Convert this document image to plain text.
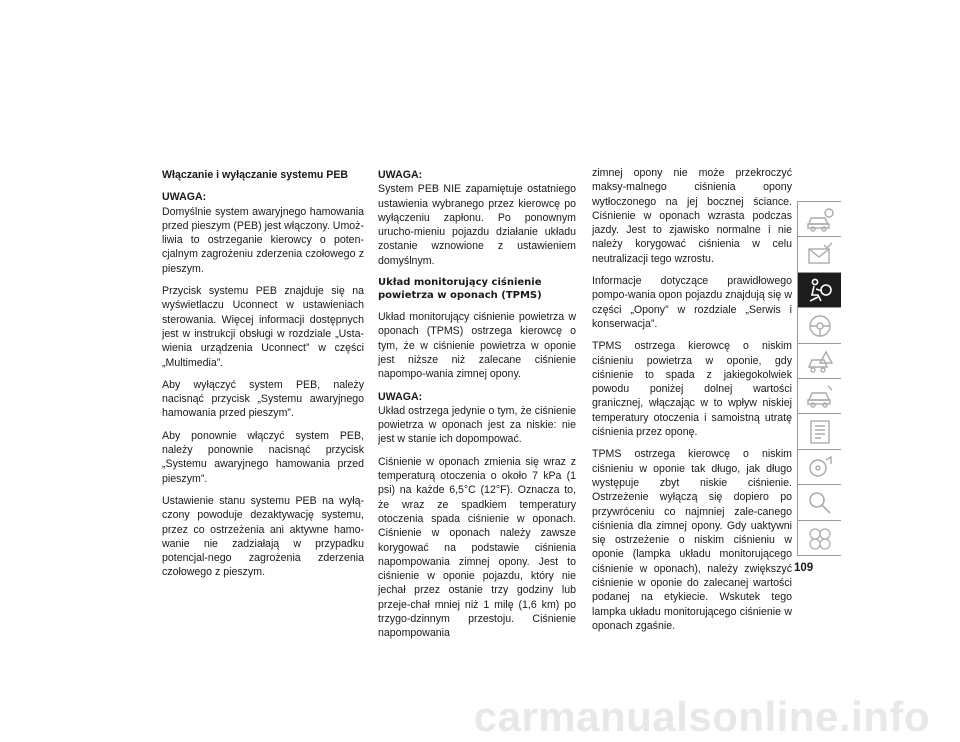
Włączanie i wyłączanie systemu PEB

UWAGA:
Domyślnie system awaryjnego hamowania przed pieszym (PEB) jest włączony. Umoż-liwia to ostrzeganie kierowcy o poten-cjalnym zagrożeniu zderzenia czołowego z pieszym.

Przycisk systemu PEB znajduje się na wyświetlaczu Uconnect w ustawieniach sterowania. Więcej informacji dostępnych jest w instrukcji obsługi w rozdziale „Usta-wienia urządzenia Uconnect” w części „Multimedia”.

Aby wyłączyć system PEB, należy nacisnąć przycisk „Systemu awaryjnego hamowania przed pieszym”.

Aby ponownie włączyć system PEB, należy ponownie nacisnąć przycisk „Systemu awaryjnego hamowania przed pieszym”.

Ustawienie stanu systemu PEB na wyłą-czony powoduje dezaktywację systemu, przez co ostrzeżenia ani aktywne hamo-wanie nie zadziałają w przypadku potencjal-nego zagrożenia zderzenia czołowego z pieszym.

UWAGA:
System PEB NIE zapamiętuje ostatniego ustawienia wybranego przez kierowcę po wyłączeniu zapłonu. Po ponownym urucho-mieniu pojazdu działanie układu zostanie wznowione z ustawieniem domyślnym.

Układ monitorujący ciśnienie powietrza w oponach (TPMS)

Układ monitorujący ciśnienie powietrza w oponach (TPMS) ostrzega kierowcę o tym, że w ciśnienie powietrza w oponie jest niższe niż zalecane ciśnienie napompo-wania zimnej opony.

UWAGA:
Układ ostrzega jedynie o tym, że ciśnienie powietrza w oponach jest za niskie: nie jest w stanie ich dopompować.

Ciśnienie w oponach zmienia się wraz z temperaturą otoczenia o około 7 kPa (1 psi) na każde 6,5°C (12°F). Oznacza to, że wraz ze spadkiem temperatury otoczenia spada ciśnienie w oponach. Ciśnienie w oponach należy zawsze korygować na podstawie ciśnienia napompowania zimnej opony. Jest to ciśnienie w oponie pojazdu, który nie jechał przez ostanie trzy godziny lub przeje-chał mniej niż 1 milę (1,6 km) po trzygo-dzinnym przestoju. Ciśnienie napompowania

zimnej opony nie może przekroczyć maksy-malnego ciśnienia opony wytłoczonego na jej bocznej ściance. Ciśnienie w oponach wzrasta podczas jazdy. Jest to zjawisko normalne i nie należy korygować ciśnienia w celu neutralizacji tego wzrostu.

Informacje dotyczące prawidłowego pompo-wania opon pojazdu znajdują się w części „Opony” w rozdziale „Serwis i konserwacja”.

TPMS ostrzega kierowcę o niskim ciśnieniu powietrza w oponie, gdy ciśnienie to spada z jakiegokolwiek powodu poniżej dolnej wartości granicznej, włączając w to wpływ niskiej temperatury otoczenia i samoistną utratę ciśnienia przez oponę.

TPMS ostrzega kierowcę o niskim ciśnieniu w oponie tak długo, jak długo występuje zbyt niskie ciśnienie. Ostrzeżenie wyłączą się dopiero po przywróceniu co najmniej zale-canego ciśnienia dla zimnej opony. Gdy uaktywni się ostrzeżenie o niskim ciśnieniu w oponie (lampka układu monitorującego ciśnienie w oponach), należy zwiększyć ciśnienie w oponie do zalecanej wartości podanej na etykiecie. Wskutek tego lampka układu monitorującego ciśnienie w oponach zgaśnie.

109
carmanualsonline.info
